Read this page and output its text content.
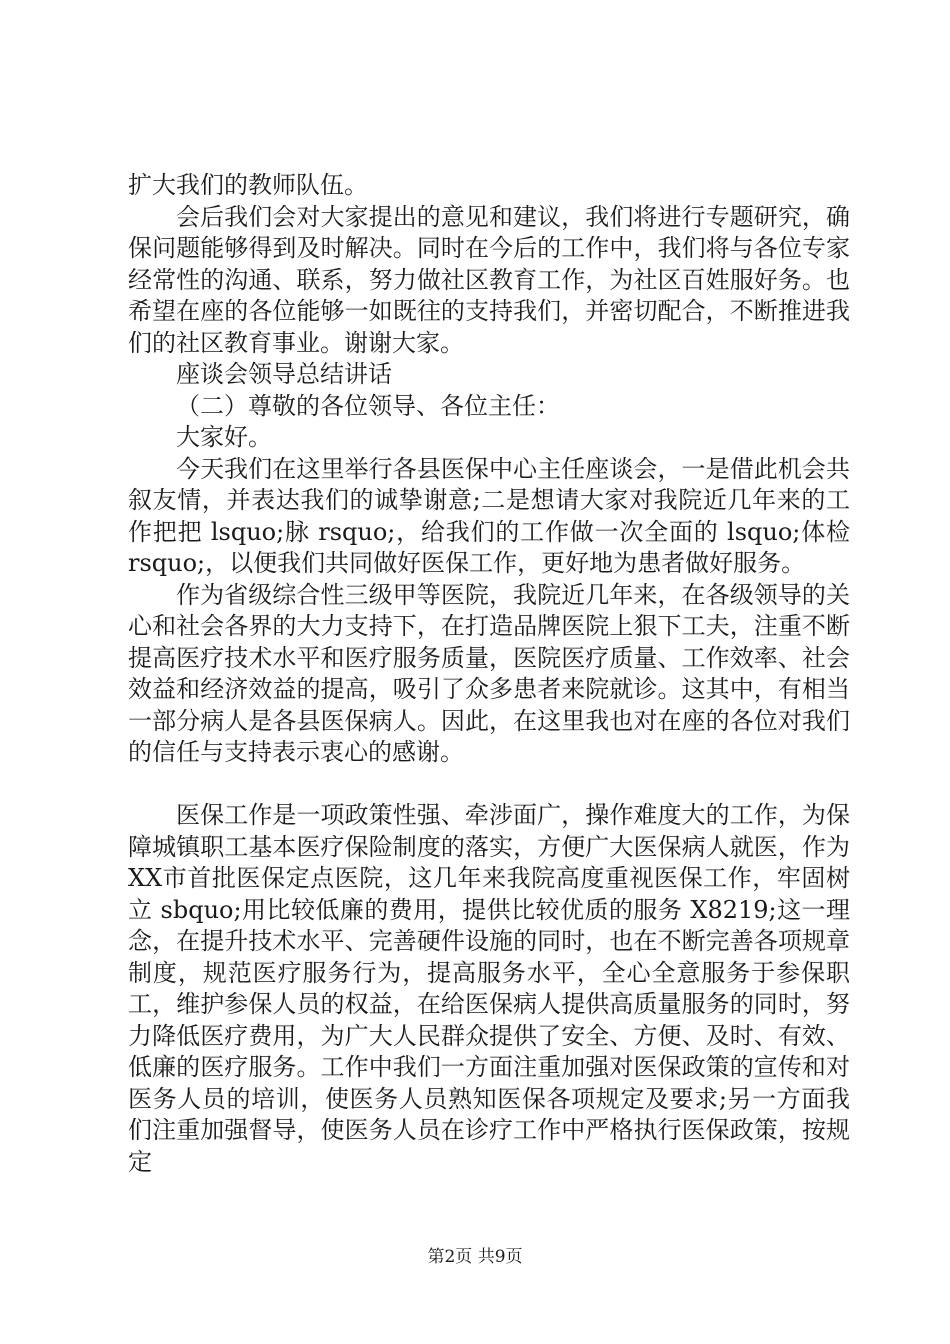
扩大我们的教师队伍。

会后我们会对大家提出的意见和建议，我们将进行专题研究，确保问题能够得到及时解决。同时在今后的工作中，我们将与各位专家经常性的沟通、联系，努力做社区教育工作，为社区百姓服好务。也希望在座的各位能够一如既往的支持我们，并密切配合，不断推进我们的社区教育事业。谢谢大家。

座谈会领导总结讲话

（二）尊敬的各位领导、各位主任：

大家好。

今天我们在这里举行各县医保中心主任座谈会，一是借此机会共叙友情，并表达我们的诚挚谢意;二是想请大家对我院近几年来的工作把把 lsquo;脉 rsquo;，给我们的工作做一次全面的 lsquo;体检 rsquo;，以便我们共同做好医保工作，更好地为患者做好服务。

作为省级综合性三级甲等医院，我院近几年来，在各级领导的关心和社会各界的大力支持下，在打造品牌医院上狠下工夫，注重不断提高医疗技术水平和医疗服务质量，医院医疗质量、工作效率、社会效益和经济效益的提高，吸引了众多患者来院就诊。这其中，有相当一部分病人是各县医保病人。因此，在这里我也对在座的各位对我们的信任与支持表示衷心的感谢。

医保工作是一项政策性强、牵涉面广，操作难度大的工作，为保障城镇职工基本医疗保险制度的落实，方便广大医保病人就医，作为XX市首批医保定点医院，这几年来我院高度重视医保工作，牢固树立 sbquo;用比较低廉的费用，提供比较优质的服务 X8219;这一理念，在提升技术水平、完善硬件设施的同时，也在不断完善各项规章制度，规范医疗服务行为，提高服务水平，全心全意服务于参保职工，维护参保人员的权益，在给医保病人提供高质量服务的同时，努力降低医疗费用，为广大人民群众提供了安全、方便、及时、有效、低廉的医疗服务。工作中我们一方面注重加强对医保政策的宣传和对医务人员的培训，使医务人员熟知医保各项规定及要求;另一方面我们注重加强督导，使医务人员在诊疗工作中严格执行医保政策，按规定

第2页 共9页
